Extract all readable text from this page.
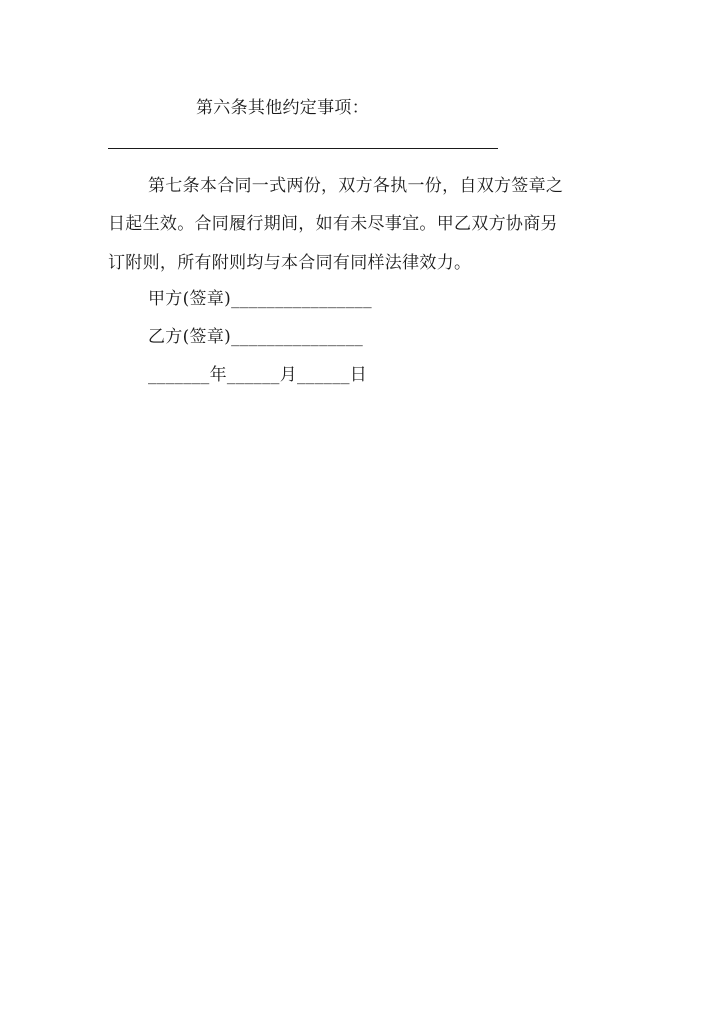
第六条其他约定事项：
第七条本合同一式两份，双方各执一份，自双方签章之
日起生效。合同履行期间，如有未尽事宜。甲乙双方协商另
订附则，所有附则均与本合同有同样法律效力。
甲方(签章)________________
乙方(签章)_______________
_______年______月______日
